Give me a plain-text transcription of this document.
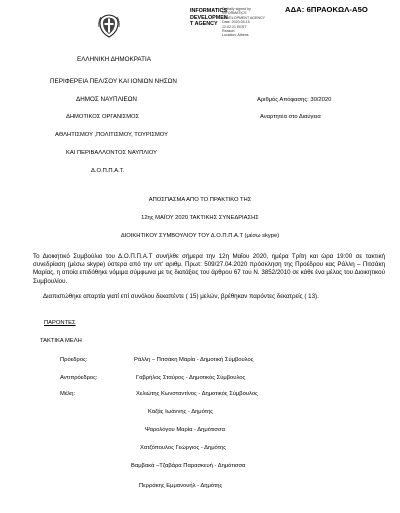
INFORMATICS
DEVELOPMEN
T AGENCY
Digitally signed by
INFORMATICS
DEVELOPMENT AGENCY
Date: 2020.05.15
12:02:21 EEST
Reason:
Location: Athens
ΑΔΑ: 6ΠΡΑΟΚΩΛ-Α5Ο
ΕΛΛΗΝΙΚΗ ΔΗΜΟΚΡΑΤΙΑ
ΠΕΡΙΦΕΡΕΙΑ ΠΕΛ/ΣΟΥ ΚΑΙ ΙΟΝΙΩΝ ΝΗΣΩΝ
ΔΗΜΟΣ ΝΑΥΠΛΙΕΩΝ
ΔΗΜΟΤΙΚΟΣ ΟΡΓΑΝΙΣΜΟΣ
ΑΘΛΗΤΙΣΜΟΥ ,ΠΟΛΙΤΙΣΜΟΥ, ΤΟΥΡΙΣΜΟΥ
ΚΑΙ ΠΕΡΙΒΑΛΛΟΝΤΟΣ ΝΑΥΠΛΙΟΥ
Δ.Ο.Π.Π.Α.Τ.
Αριθμός Απόφασης: 30/2020
Αναρτητέα στο Διαύγεια
ΑΠΟΣΠΑΣΜΑ ΑΠΟ ΤΟ ΠΡΑΚΤΙΚΟ ΤΗΣ
12ης ΜΑΪΟΥ 2020 ΤΑΚΤΙΚΗΣ ΣΥΝΕΔΡΙΑΣΗΣ
ΔΙΟΙΚΗΤΙΚΟΥ ΣΥΜΒΟΥΛΙΟΥ ΤΟΥ Δ.Ο.Π.Π.Α.Τ (μέσω skype)
Το Διοικητικό Συμβούλιο του Δ.Ο.Π.Π.Α.Τ συνήλθε σήμερα την 12η Μαΐου 2020, ημέρα Τρίτη και ώρα 19:00 σε τακτική συνεδρίαση (μέσω skype) ύστερα από την υπ' αριθμ. Πρωτ: 509/27.04.2020 πρόσκληση της Προέδρου κας Ράλλη – Πιτσάκη Μαρίας, η οποία επιδόθηκε νόμιμα σύμφωνα με τις διατάξεις του άρθρου 67 του Ν. 3852/2010 σε κάθε ένα μέλος του Διοικητικού Συμβουλίου.
Διαπιστώθηκε απαρτία γιατί επί συνόλου δεκαπέντε ( 15) μελών, βρέθηκαν παρόντες δεκατρείς ( 13).
ΠΑΡΟΝΤΕΣ
ΤΑΚΤΙΚΑ ΜΕΛΗ
Πρόεδρος:	Ράλλη – Πιτσάκη Μαρία - Δημοτική Σύμβουλος
Αντιπρόεδρος:	Γαβρήλος Σταύρος - Δημοτικός Σύμβουλος
Μέλη:	Χελιώτης Κωνσταντίνος - Δημοτικός Σύμβουλος
Καζάς Ιωάννης - Δημότης
Ψαρολόγου Μαρία - Δημότισσα
Χατζόπουλος Γεώργιος - Δημότης
Βαμβακά –Τζαβάρα Παρασκευή - Δημότισσα
Περράκης Εμμανουήλ - Δημότης
